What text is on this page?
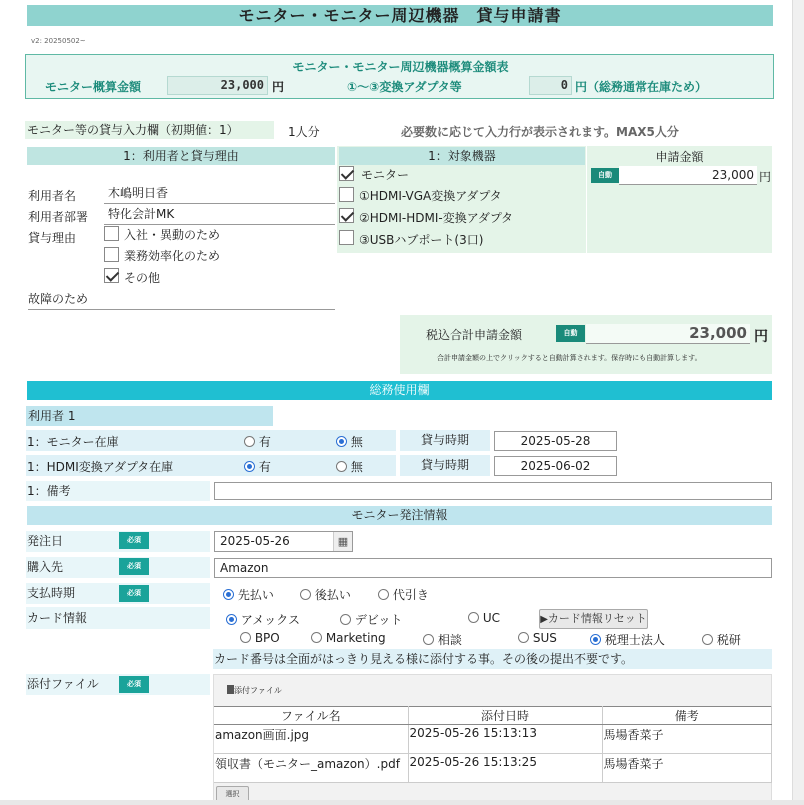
モニター・モニター周辺機器　貸与申請書
v2: 20250502~
モニター・モニター周辺機器概算金額表
モニター概算金額	23,000 円	①～③変換アダプタ等	0 円（総務通常在庫ため）
モニター等の貸与入力欄（初期値：1）	1人分	必要数に応じて入力行が表示されます。MAX5人分
1：利用者と貸与理由
利用者名	木嶋明日香
利用者部署	特化会計MK
貸与理由	入社・異動のため
業務効率化のため
その他
故障のため
1：対象機器
モニター
①HDMI-VGA変換アダプタ
②HDMI-HDMI-変換アダプタ
③USBハブポート(3口)
申請金額
自動	23,000 円
税込合計申請金額	自動	23,000 円
合計申請金額の上でクリックすると自動計算されます。保存時にも自動計算します。
総務使用欄
利用者 1
1：モニター在庫	有	無	貸与時期	2025-05-28
1：HDMI変換アダプタ在庫	有	無	貸与時期	2025-06-02
1：備考
モニター発注情報
発注日	必須	2025-05-26	▦
購入先	必須	Amazon
支払時期	必須	先払い	後払い	代引き
カード情報	アメックス	デビット	UC	▶カード情報リセット
BPO	Marketing	相談	SUS	税理士法人	税研
カード番号は全面がはっきり見える様に添付する事。その後の提出不要です。
添付ファイル	必須
添付ファイル
ファイル名	添付日時	備考
amazon画面.jpg	2025-05-26 15:13:13	馬場香菜子
領収書（モニター_amazon）.pdf	2025-05-26 15:13:25	馬場香菜子
選択
